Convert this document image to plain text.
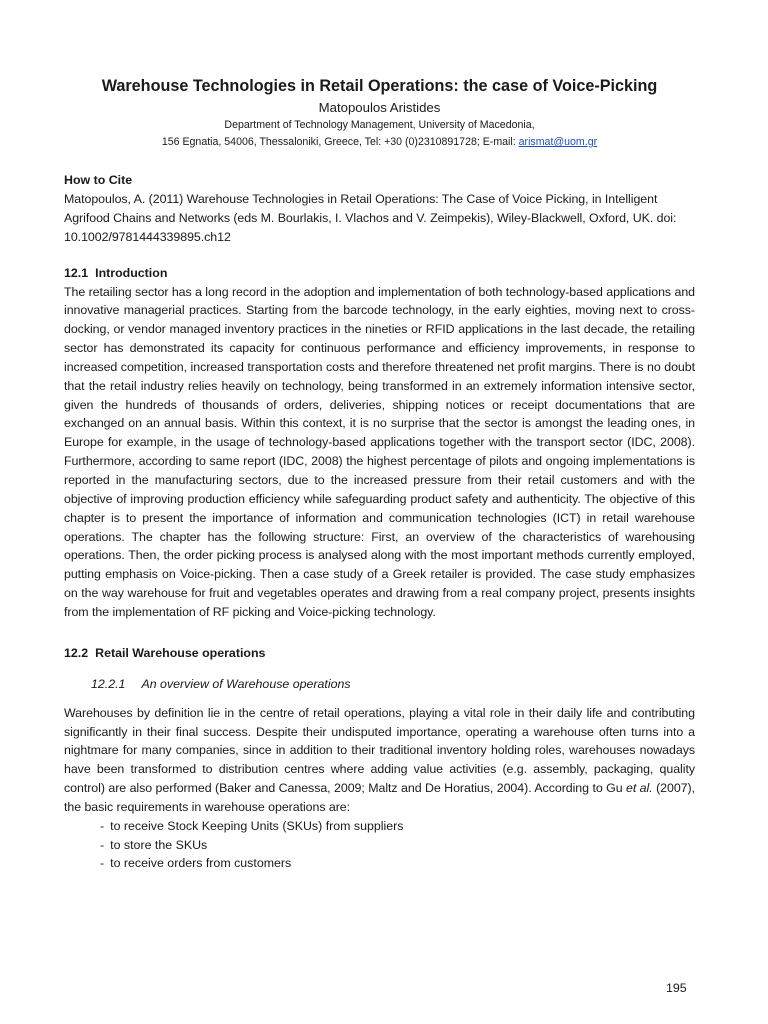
Warehouse Technologies in Retail Operations: the case of Voice-Picking
Matopoulos Aristides
Department of Technology Management, University of Macedonia,
156 Egnatia, 54006, Thessaloniki, Greece, Tel: +30 (0)2310891728; E-mail: arismat@uom.gr
How to Cite

Matopoulos, A. (2011) Warehouse Technologies in Retail Operations: The Case of Voice Picking, in Intelligent Agrifood Chains and Networks (eds M. Bourlakis, I. Vlachos and V. Zeimpekis), Wiley-Blackwell, Oxford, UK. doi: 10.1002/9781444339895.ch12

12.1 Introduction

The retailing sector has a long record in the adoption and implementation of both technology-based applications and innovative managerial practices. Starting from the barcode technology, in the early eighties, moving next to cross-docking, or vendor managed inventory practices in the nineties or RFID applications in the last decade, the retailing sector has demonstrated its capacity for continuous performance and efficiency improvements, in response to increased competition, increased transportation costs and therefore threatened net profit margins. There is no doubt that the retail industry relies heavily on technology, being transformed in an extremely information intensive sector, given the hundreds of thousands of orders, deliveries, shipping notices or receipt documentations that are exchanged on an annual basis. Within this context, it is no surprise that the sector is amongst the leading ones, in Europe for example, in the usage of technology-based applications together with the transport sector (IDC, 2008). Furthermore, according to same report (IDC, 2008) the highest percentage of pilots and ongoing implementations is reported in the manufacturing sectors, due to the increased pressure from their retail customers and with the objective of improving production efficiency while safeguarding product safety and authenticity. The objective of this chapter is to present the importance of information and communication technologies (ICT) in retail warehouse operations. The chapter has the following structure: First, an overview of the characteristics of warehousing operations. Then, the order picking process is analysed along with the most important methods currently employed, putting emphasis on Voice-picking. Then a case study of a Greek retailer is provided. The case study emphasizes on the way warehouse for fruit and vegetables operates and drawing from a real company project, presents insights from the implementation of RF picking and Voice-picking technology.

12.2 Retail Warehouse operations
12.2.1 An overview of Warehouse operations

Warehouses by definition lie in the centre of retail operations, playing a vital role in their daily life and contributing significantly in their final success. Despite their undisputed importance, operating a warehouse often turns into a nightmare for many companies, since in addition to their traditional inventory holding roles, warehouses nowadays have been transformed to distribution centres where adding value activities (e.g. assembly, packaging, quality control) are also performed (Baker and Canessa, 2009; Maltz and De Horatius, 2004). According to Gu et al. (2007), the basic requirements in warehouse operations are:

- to receive Stock Keeping Units (SKUs) from suppliers
- to store the SKUs
- to receive orders from customers
195
